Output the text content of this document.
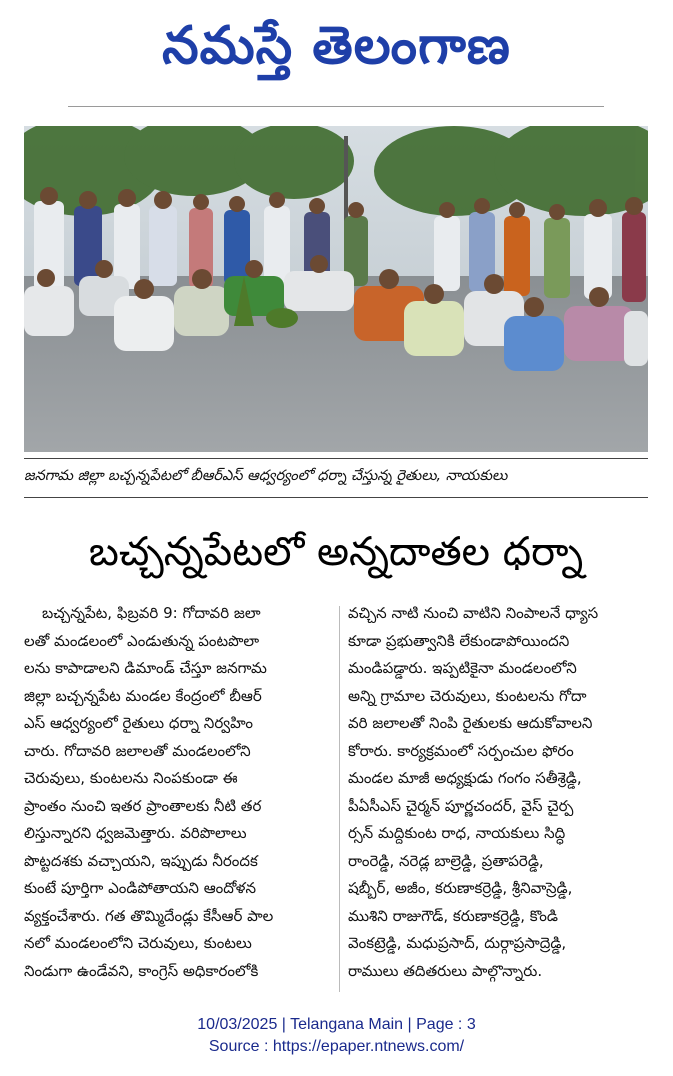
నమస్తే తెలంగాణ
జనగామ జిల్లా బచ్చన్నపేటలో బీఆర్ఎస్ ఆధ్వర్యంలో ధర్నా చేస్తున్న రైతులు, నాయకులు
బచ్చన్నపేటలో అన్నదాతల ధర్నా
బచ్చన్నపేట, ఫిబ్రవరి 9: గోదావరి జలా
లతో మండలంలో ఎండుతున్న పంటపొలా
లను కాపాడాలని డిమాండ్ చేస్తూ జనగామ
జిల్లా బచ్చన్నపేట మండల కేంద్రంలో బీఆర్
ఎస్ ఆధ్వర్యంలో రైతులు ధర్నా నిర్వహిం
చారు. గోదావరి జలాలతో మండలంలోని
చెరువులు, కుంటలను నింపకుండా ఈ
ప్రాంతం నుంచి ఇతర ప్రాంతాలకు నీటి తర
లిస్తున్నారని ధ్వజమెత్తారు. వరిపొలాలు
పొట్టదశకు వచ్చాయని, ఇప్పుడు నీరందక
కుంటే పూర్తిగా ఎండిపోతాయని ఆందోళన
వ్యక్తంచేశారు. గత తొమ్మిదేండ్లు కేసీఆర్ పాల
నలో మండలంలోని చెరువులు, కుంటలు
నిండుగా ఉండేవని, కాంగ్రెస్ అధికారంలోకి
వచ్చిన నాటి నుంచి వాటిని నింపాలనే ధ్యాస
కూడా ప్రభుత్వానికి లేకుండాపోయిందని
మండిపడ్డారు. ఇప్పటికైనా మండలంలోని
అన్ని గ్రామాల చెరువులు, కుంటలను గోదా
వరి జలాలతో నింపి రైతులకు ఆదుకోవాలని
కోరారు. కార్యక్రమంలో సర్పంచుల ఫోరం
మండల మాజీ అధ్యక్షుడు గంగం సతీశ్రెడ్డి,
పీఏసీఎస్ చైర్మన్ పూర్ణచందర్, వైస్ చైర్ప
ర్సన్ మద్దికుంట రాధ, నాయకులు సిద్ధి
రాంరెడ్డి, నరెడ్ల బాల్రెడ్డి, ప్రతాపరెడ్డి,
షబ్బీర్, అజీం, కరుణాకర్రెడ్డి, శ్రీనివాస్రెడ్డి,
ముశిని రాజుగౌడ్, కరుణాకర్రెడ్డి, కొండి
వెంకట్రెడ్డి, మధుప్రసాద్, దుర్గాప్రసాద్రెడ్డి,
రాములు తదితరులు పాల్గొన్నారు.
10/03/2025 | Telangana Main | Page : 3
Source : https://epaper.ntnews.com/
